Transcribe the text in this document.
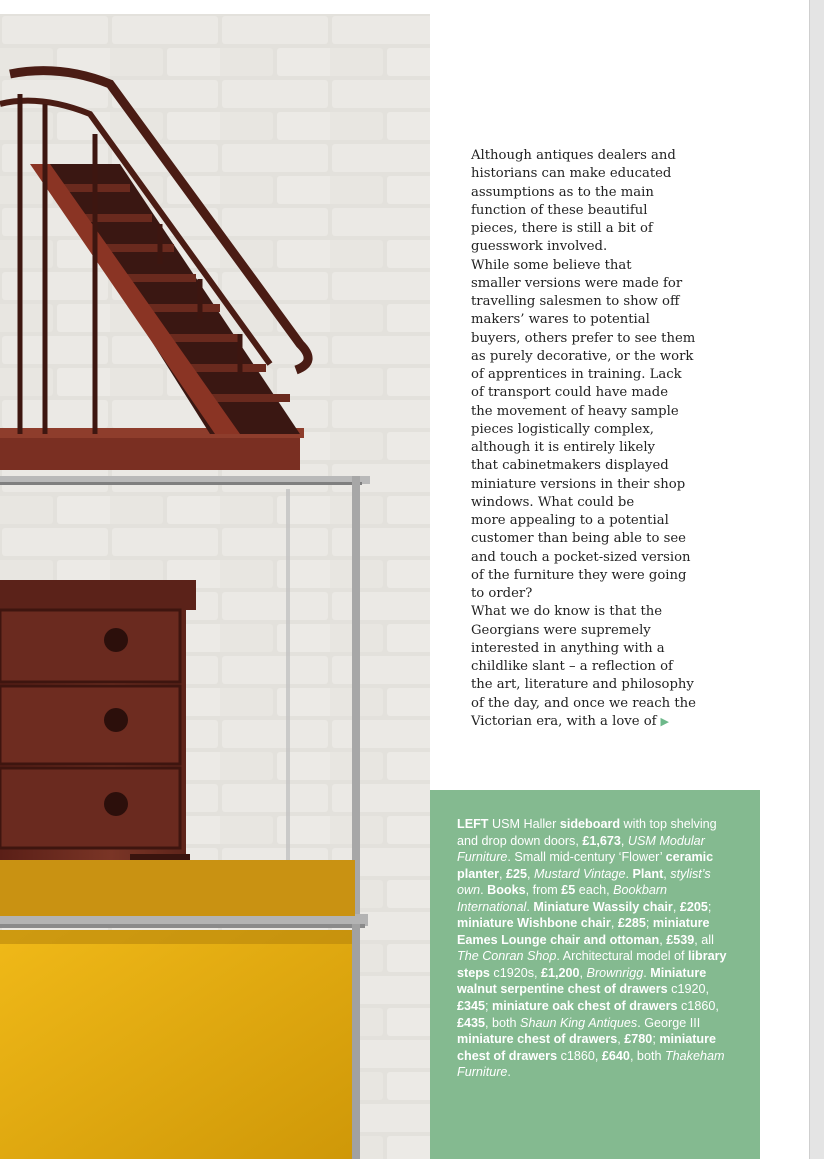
Although antiques dealers and
historians can make educated
assumptions as to the main
function of these beautiful
pieces, there is still a bit of
guesswork involved.

While some believe that
smaller versions were made for
travelling salesmen to show off
makers’ wares to potential
buyers, others prefer to see them
as purely decorative, or the work
of apprentices in training. Lack
of transport could have made
the movement of heavy sample
pieces logistically complex,
although it is entirely likely
that cabinetmakers displayed
miniature versions in their shop
windows. What could be
more appealing to a potential
customer than being able to see
and touch a pocket-sized version
of the furniture they were going
to order?

What we do know is that the
Georgians were supremely
interested in anything with a
childlike slant – a reflection of
the art, literature and philosophy
of the day, and once we reach the
Victorian era, with a love of ▶

LEFT USM Haller sideboard with top shelving and drop down doors, £1,673, USM Modular Furniture. Small mid-century ‘Flower’ ceramic planter, £25, Mustard Vintage. Plant, stylist’s own. Books, from £5 each, Bookbarn International. Miniature Wassily chair, £205; miniature Wishbone chair, £285; miniature Eames Lounge chair and ottoman, £539, all The Conran Shop. Architectural model of library steps c1920s, £1,200, Brownrigg. Miniature walnut serpentine chest of drawers c1920, £345; miniature oak chest of drawers c1860, £435, both Shaun King Antiques. George III miniature chest of drawers, £780; miniature chest of drawers c1860, £640, both Thakeham Furniture.
